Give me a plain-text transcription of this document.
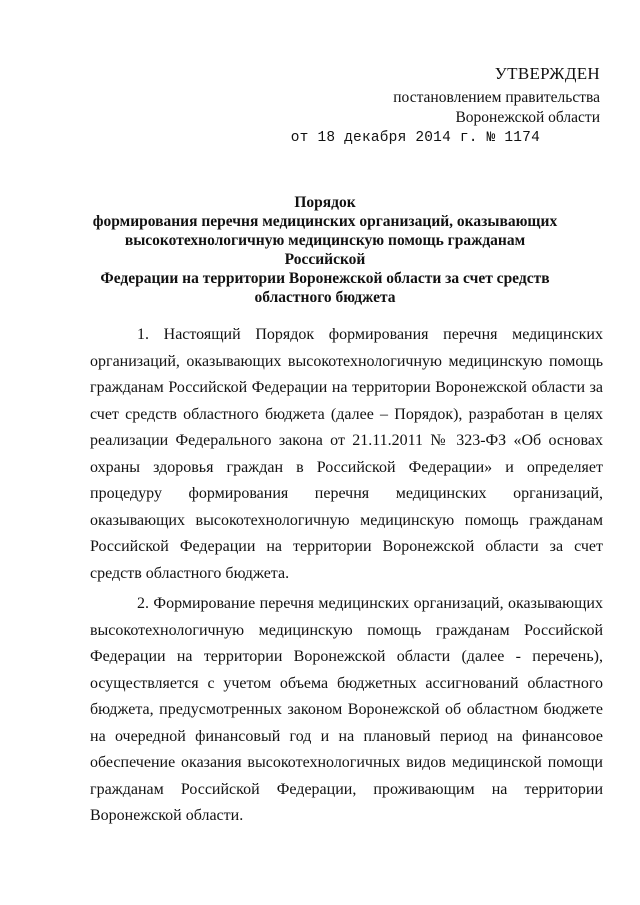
УТВЕРЖДЕН
постановлением правительства
Воронежской области
от 18 декабря 2014 г. № 1174
Порядок
формирования перечня медицинских организаций, оказывающих
высокотехнологичную медицинскую помощь гражданам Российской
Федерации на территории Воронежской области за счет средств
областного бюджета

1. Настоящий Порядок формирования перечня медицинских организаций, оказывающих высокотехнологичную медицинскую помощь гражданам Российской Федерации на территории Воронежской области за счет средств областного бюджета (далее – Порядок), разработан в целях реализации Федерального закона от 21.11.2011 № 323-ФЗ «Об основах охраны здоровья граждан в Российской Федерации» и определяет процедуру формирования перечня медицинских организаций, оказывающих высокотехнологичную медицинскую помощь гражданам Российской Федерации на территории Воронежской области за счет средств областного бюджета.

2. Формирование перечня медицинских организаций, оказывающих высокотехнологичную медицинскую помощь гражданам Российской Федерации на территории Воронежской области (далее - перечень), осуществляется с учетом объема бюджетных ассигнований областного бюджета, предусмотренных законом Воронежской об областном бюджете на очередной финансовый год и на плановый период на финансовое обеспечение оказания высокотехнологичных видов медицинской помощи гражданам Российской Федерации, проживающим на территории Воронежской области.
